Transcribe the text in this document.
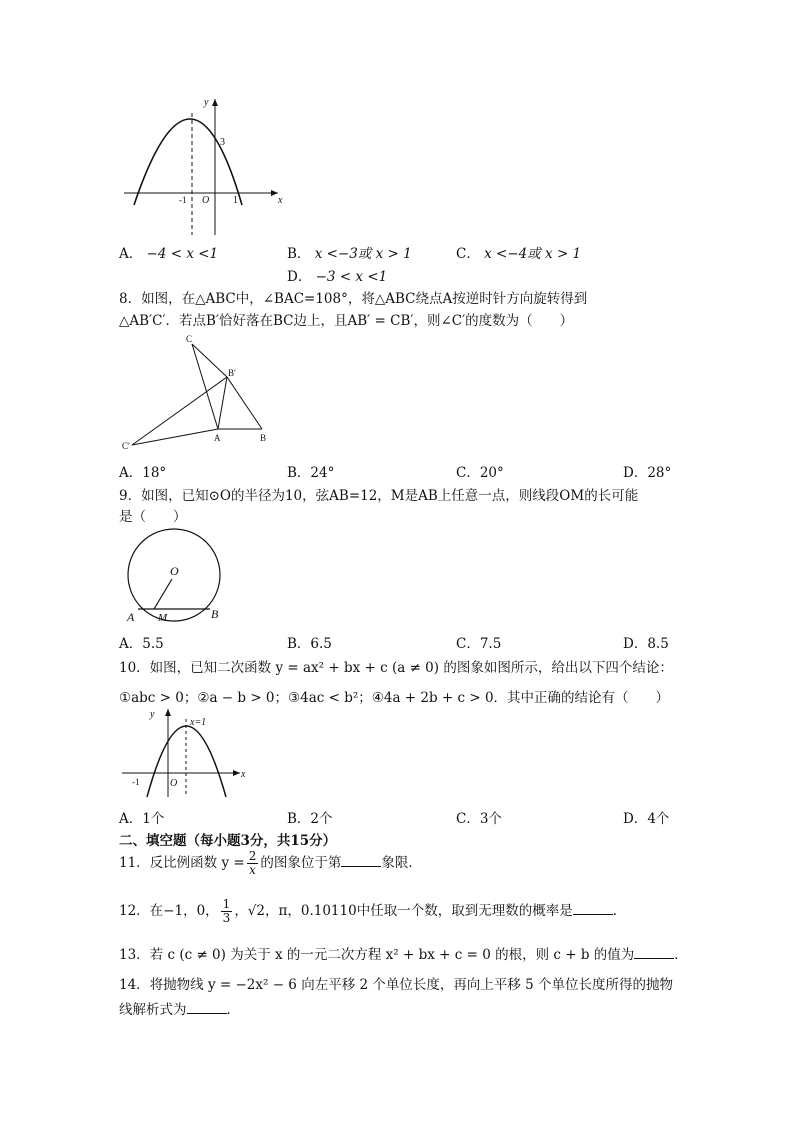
y
x
3
-1 O 1
A． −4 < x <1	B． x <−3或 x > 1	C． x <−4或 x > 1
D． −3 < x <1
8．如图，在△ABC中，∠BAC=108°，将△ABC绕点A按逆时针方向旋转得到
△AB′C′．若点B′恰好落在BC边上，且AB′ = CB′，则∠C′的度数为（　　）
C
B′
C′
A	B
A．18°	B．24°	C．20°	D．28°
9．如图，已知⊙O的半径为10，弦AB=12，M是AB上任意一点，则线段OM的长可能
是（　　）
O
A M	B
A．5.5	B．6.5	C．7.5	D．8.5
10．如图，已知二次函数 y = ax² + bx + c (a ≠ 0) 的图象如图所示，给出以下四个结论：
①abc > 0；②a − b > 0；③4ac < b²；④4a + 2b + c > 0．其中正确的结论有（　　）
y
x=1
x
-1	O
A．1个	B．2个	C．3个	D．4个
二、填空题（每小题3分，共15分）
11．反比例函数 $y = \frac{2}{x}$ 的图象位于第	象限．
12．在−1，0， $\frac{1}{3}$ ，√2，π，0.10110中任取一个数，取到无理数的概率是	．
13．若 c (c ≠ 0) 为关于 x 的一元二次方程 x² + bx + c = 0 的根，则 c + b 的值为	．
14．将抛物线 y = −2x² − 6 向左平移 2 个单位长度，再向上平移 5 个单位长度所得的抛物
线解析式为	．
